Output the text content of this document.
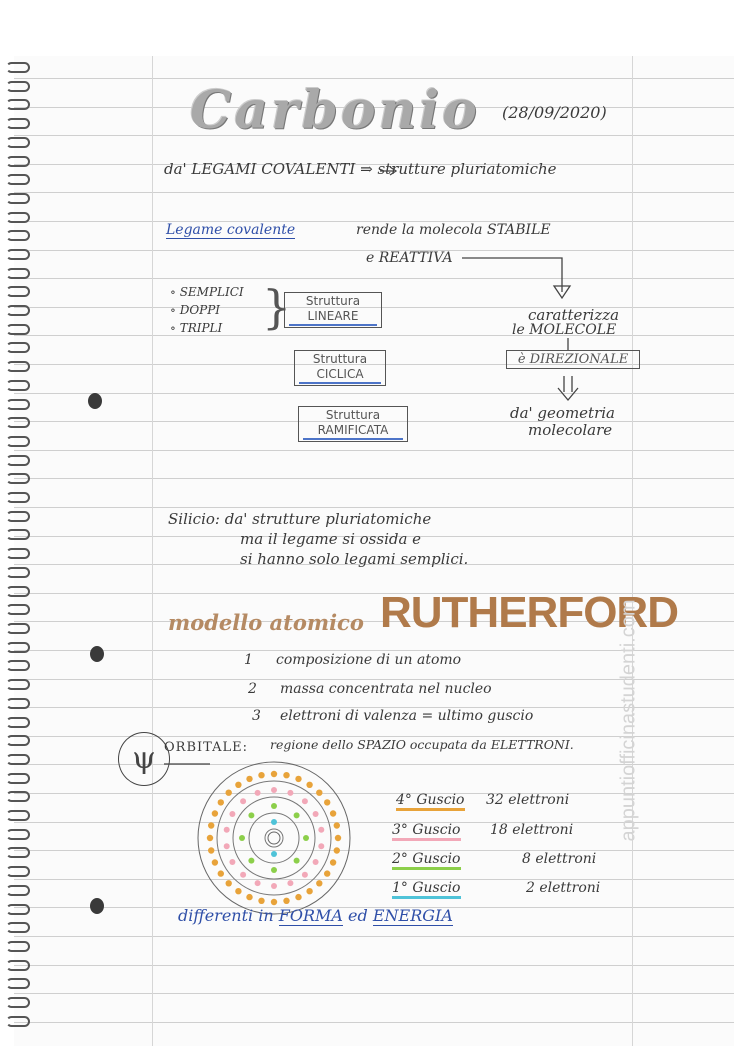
Carbonio (28/09/2020)
da' LEGAMI COVALENTI ⇒ strutture pluriatomiche
Legame covalente	rende la molecola STABILE
e REATTIVA
∘ SEMPLICI
∘ DOPPI
∘ TRIPLI }	Struttura
LINEARE
Struttura
CICLICA
Struttura
RAMIFICATA
caratterizza
le MOLECOLE
è DIREZIONALE
da' geometria
molecolare
Silicio: da' strutture pluriatomiche
ma il legame si ossida e
si hanno solo legami semplici.
modello atomico RUTHERFORD
1 composizione di un atomo
2 massa concentrata nel nucleo
3 elettroni di valenza = ultimo guscio
ψ ORBITALE: regione dello SPAZIO occupata da ELETTRONI.
4° Guscio 32 elettroni
3° Guscio 18 elettroni
2° Guscio	8 elettroni
1° Guscio	2 elettroni
differenti in FORMA ed ENERGIA
appuntiofficinastudenti.com
